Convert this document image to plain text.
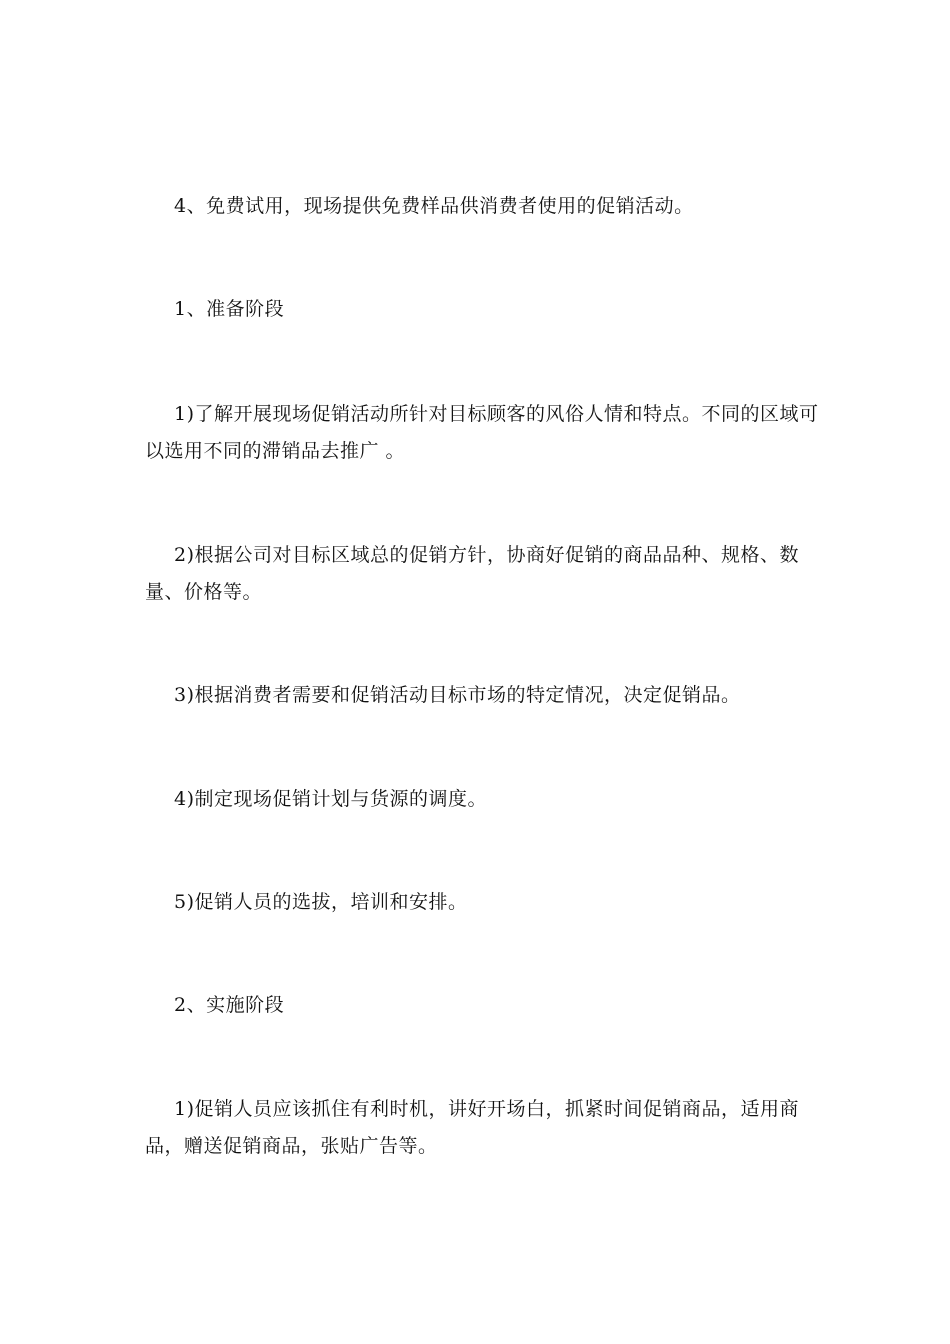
4、免费试用，现场提供免费样品供消费者使用的促销活动。

1、准备阶段

1)了解开展现场促销活动所针对目标顾客的风俗人情和特点。不同的区域可以选用不同的滞销品去推广 。

2)根据公司对目标区域总的促销方针，协商好促销的商品品种、规格、数量、价格等。

3)根据消费者需要和促销活动目标市场的特定情况，决定促销品。

4)制定现场促销计划与货源的调度。

5)促销人员的选拔，培训和安排。

2、实施阶段

1)促销人员应该抓住有利时机，讲好开场白，抓紧时间促销商品，适用商品，赠送促销商品，张贴广告等。
